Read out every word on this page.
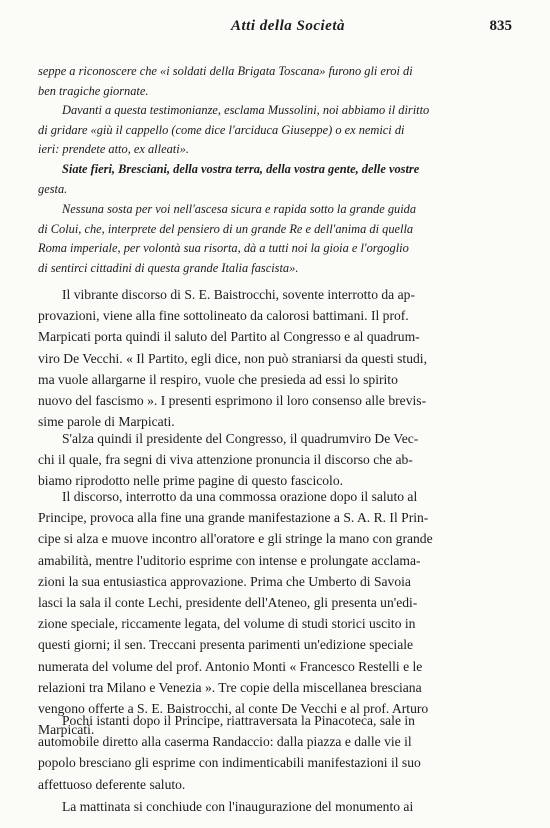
Atti della Società	835
seppe a riconoscere che «i soldati della Brigata Toscana» furono gli eroi di
ben tragiche giornate.
Davanti a questa testimonianze, esclama Mussolini, noi abbiamo il diritto
di gridare «giù il cappello (come dice l'arciduca Giuseppe) o ex nemici di
ieri: prendete atto, ex alleati».
Siate fieri, Bresciani, della vostra terra, della vostra gente, delle vostre
gesta.
Nessuna sosta per voi nell'ascesa sicura e rapida sotto la grande guida
di Colui, che, interprete del pensiero di un grande Re e dell'anima di quella
Roma imperiale, per volontà sua risorta, dà a tutti noi la gioia e l'orgoglio
di sentirci cittadini di questa grande Italia fascista».
Il vibrante discorso di S. E. Baistrocchi, sovente interrotto da ap-
provazioni, viene alla fine sottolineato da calorosi battimani. Il prof.
Marpicati porta quindi il saluto del Partito al Congresso e al quadrum-
viro De Vecchi. « Il Partito, egli dice, non può straniarsi da questi studi,
ma vuole allargarne il respiro, vuole che presieda ad essi lo spirito
nuovo del fascismo ». I presenti esprimono il loro consenso alle brevis-
sime parole di Marpicati.
S'alza quindi il presidente del Congresso, il quadrumviro De Vec-
chi il quale, fra segni di viva attenzione pronuncia il discorso che ab-
biamo riprodotto nelle prime pagine di questo fascicolo.
Il discorso, interrotto da una commossa orazione dopo il saluto al
Principe, provoca alla fine una grande manifestazione a S. A. R. Il Prin-
cipe si alza e muove incontro all'oratore e gli stringe la mano con grande
amabilità, mentre l'uditorio esprime con intense e prolungate acclama-
zioni la sua entusiastica approvazione. Prima che Umberto di Savoia
lasci la sala il conte Lechi, presidente dell'Ateneo, gli presenta un'edi-
zione speciale, riccamente legata, del volume di studi storici uscito in
questi giorni; il sen. Treccani presenta parimenti un'edizione speciale
numerata del volume del prof. Antonio Monti « Francesco Restelli e le
relazioni tra Milano e Venezia ». Tre copie della miscellanea bresciana
vengono offerte a S. E. Baistrocchi, al conte De Vecchi e al prof. Arturo
Marpicati.
Pochi istanti dopo il Principe, riattraversata la Pinacoteca, sale in
automobile diretto alla caserma Randaccio: dalla piazza e dalle vie il
popolo bresciano gli esprime con indimenticabili manifestazioni il suo
affettuoso deferente saluto.
La mattinata si conchiude con l'inaugurazione del monumento ai
